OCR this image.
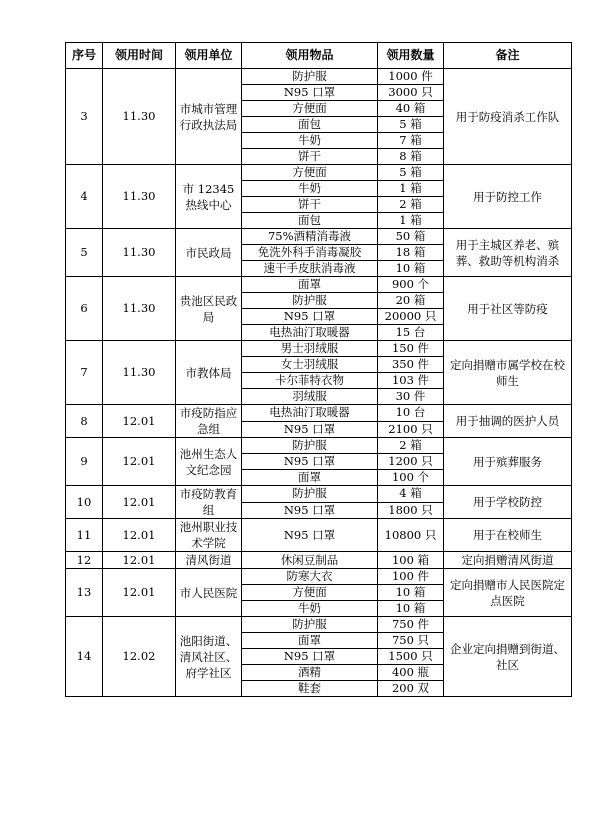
序号	领用时间	领用单位	领用物品	领用数量	备注
3	11.30	市城市管理行政执法局	防护服	1000 件	用于防疫消杀工作队
			N95 口罩	3000 只	
			方便面	40 箱	
			面包	5 箱	
			牛奶	7 箱	
			饼干	8 箱	
4	11.30	市 12345 热线中心	方便面	5 箱	用于防控工作
			牛奶	1 箱	
			饼干	2 箱	
			面包	1 箱	
5	11.30	市民政局	75%酒精消毒液	50 箱	用于主城区养老、殡葬、救助等机构消杀
			免洗外科手消毒凝胶	18 箱	
			速干手皮肤消毒液	10 箱	
6	11.30	贵池区民政局	面罩	900 个	用于社区等防疫
			防护服	20 箱	
			N95 口罩	20000 只	
			电热油汀取暖器	15 台	
7	11.30	市教体局	男士羽绒服	150 件	定向捐赠市属学校在校师生
			女士羽绒服	350 件	
			卡尔菲特衣物	103 件	
			羽绒服	30 件	
8	12.01	市疫防指应急组	电热油汀取暖器	10 台	用于抽调的医护人员
			N95 口罩	2100 只	
9	12.01	池州生态人文纪念园	防护服	2 箱	用于殡葬服务
			N95 口罩	1200 只	
			面罩	100 个	
10	12.01	市疫防教育组	防护服	4 箱	用于学校防控
			N95 口罩	1800 只	
11	12.01	池州职业技术学院	N95 口罩	10800 只	用于在校师生
12	12.01	清风街道	休闲豆制品	100 箱	定向捐赠清风街道
13	12.01	市人民医院	防寒大衣	100 件	定向捐赠市人民医院定点医院
			方便面	10 箱	
			牛奶	10 箱	
14	12.02	池阳街道、清风社区、府学社区	防护服	750 件	企业定向捐赠到街道、社区
			面罩	750 只	
			N95 口罩	1500 只	
			酒精	400 瓶	
			鞋套	200 双	
